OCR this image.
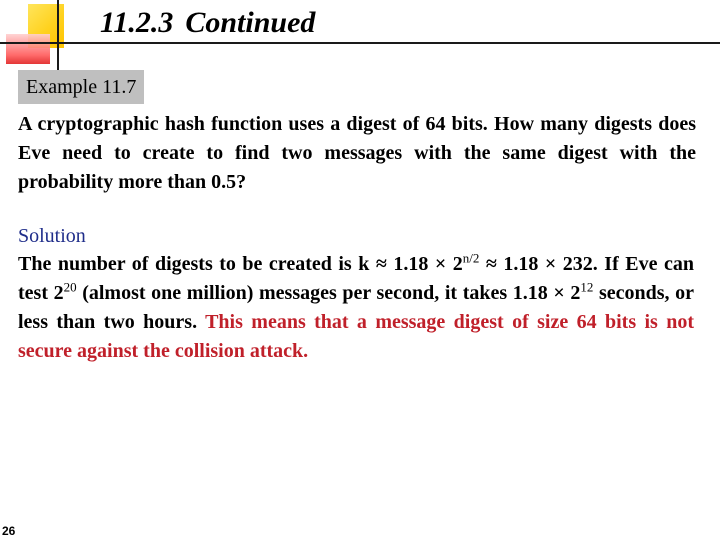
11.2.3 Continued
Example 11.7
A cryptographic hash function uses a digest of 64 bits. How many digests does Eve need to create to find two messages with the same digest with the probability more than 0.5?
Solution
The number of digests to be created is $k \approx 1.18 \times 2^{n/2} \approx 1.18 \times 232$. If Eve can test $2^{20}$ (almost one million) messages per second, it takes $1.18 \times 2^{12}$ seconds, or less than two hours. This means that a message digest of size 64 bits is not secure against the collision attack.
26
